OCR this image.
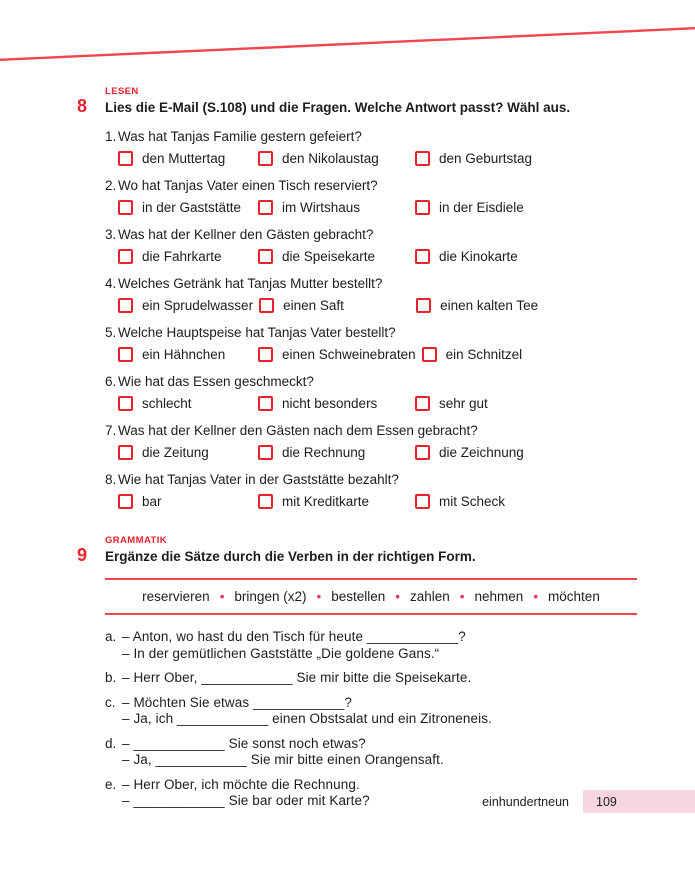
8
LESEN
Lies die E-Mail (S.108) und die Fragen. Welche Antwort passt? Wähl aus.
1. Was hat Tanjas Familie gestern gefeiert?
den Muttertag	den Nikolaustag	den Geburtstag
2. Wo hat Tanjas Vater einen Tisch reserviert?
in der Gaststätte	im Wirtshaus	in der Eisdiele
3. Was hat der Kellner den Gästen gebracht?
die Fahrkarte	die Speisekarte	die Kinokarte
4. Welches Getränk hat Tanjas Mutter bestellt?
ein Sprudelwasser einen Saft	einen kalten Tee
5. Welche Hauptspeise hat Tanjas Vater bestellt?
ein Hähnchen	einen Schweinebraten ein Schnitzel
6. Wie hat das Essen geschmeckt?
schlecht	nicht besonders	sehr gut
7. Was hat der Kellner den Gästen nach dem Essen gebracht?
die Zeitung	die Rechnung	die Zeichnung
8. Wie hat Tanjas Vater in der Gaststätte bezahlt?
bar	mit Kreditkarte	mit Scheck
9
GRAMMATIK
Ergänze die Sätze durch die Verben in der richtigen Form.
reservieren	• bringen (x2)	• bestellen	• zahlen	• nehmen	• möchten
a. – Anton, wo hast du den Tisch für heute ____________?
– In der gemütlichen Gaststätte „Die goldene Gans.“
b. – Herr Ober, ____________ Sie mir bitte die Speisekarte.
c. – Möchten Sie etwas ____________?
– Ja, ich ____________ einen Obstsalat und ein Zitroneneis.
d. – ____________ Sie sonst noch etwas?
– Ja, ____________ Sie mir bitte einen Orangensaft.
e. – Herr Ober, ich möchte die Rechnung.
– ____________ Sie bar oder mit Karte?	einhundertneun 109
